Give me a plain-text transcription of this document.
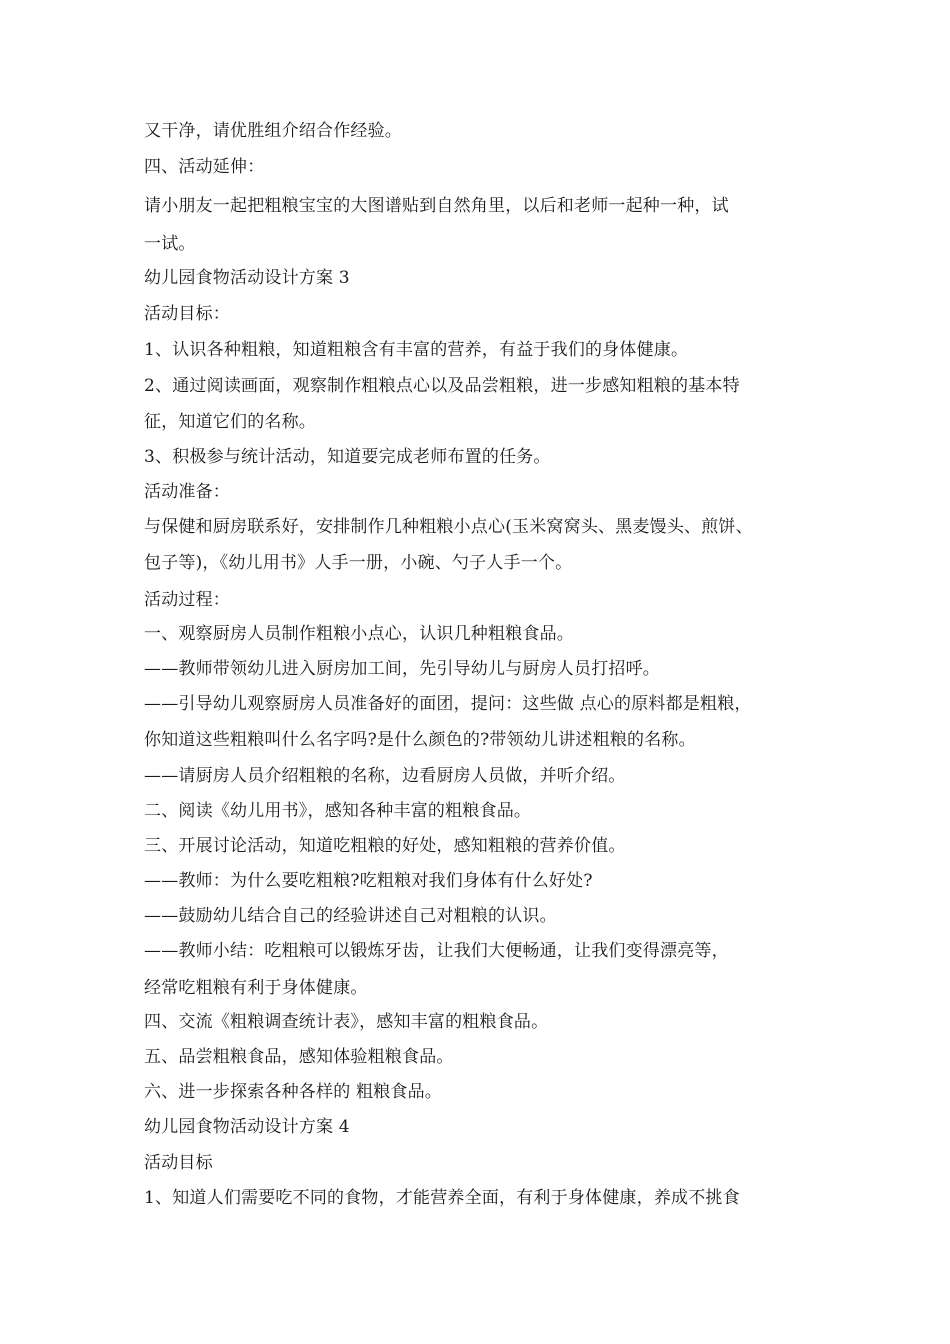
又干净，请优胜组介绍合作经验。
四、活动延伸：
请小朋友一起把粗粮宝宝的大图谱贴到自然角里，以后和老师一起种一种，试
一试。
幼儿园食物活动设计方案 3
活动目标：
1、认识各种粗粮，知道粗粮含有丰富的营养，有益于我们的身体健康。
2、通过阅读画面，观察制作粗粮点心以及品尝粗粮，进一步感知粗粮的基本特
征，知道它们的名称。
3、积极参与统计活动，知道要完成老师布置的任务。
活动准备：
与保健和厨房联系好，安排制作几种粗粮小点心(玉米窝窝头、黑麦馒头、煎饼、
包子等)，《幼儿用书》人手一册，小碗、勺子人手一个。
活动过程：
一、观察厨房人员制作粗粮小点心，认识几种粗粮食品。
——教师带领幼儿进入厨房加工间，先引导幼儿与厨房人员打招呼。
——引导幼儿观察厨房人员准备好的面团，提问：这些做 点心的原料都是粗粮，
你知道这些粗粮叫什么名字吗?是什么颜色的?带领幼儿讲述粗粮的名称。
——请厨房人员介绍粗粮的名称，边看厨房人员做，并听介绍。
二、阅读《幼儿用书》，感知各种丰富的粗粮食品。
三、开展讨论活动，知道吃粗粮的好处，感知粗粮的营养价值。
——教师：为什么要吃粗粮?吃粗粮对我们身体有什么好处?
——鼓励幼儿结合自己的经验讲述自己对粗粮的认识。
——教师小结：吃粗粮可以锻炼牙齿，让我们大便畅通，让我们变得漂亮等，
经常吃粗粮有利于身体健康。
四、交流《粗粮调查统计表》，感知丰富的粗粮食品。
五、品尝粗粮食品，感知体验粗粮食品。
六、进一步探索各种各样的 粗粮食品。
幼儿园食物活动设计方案 4
活动目标
1、知道人们需要吃不同的食物，才能营养全面，有利于身体健康，养成不挑食
